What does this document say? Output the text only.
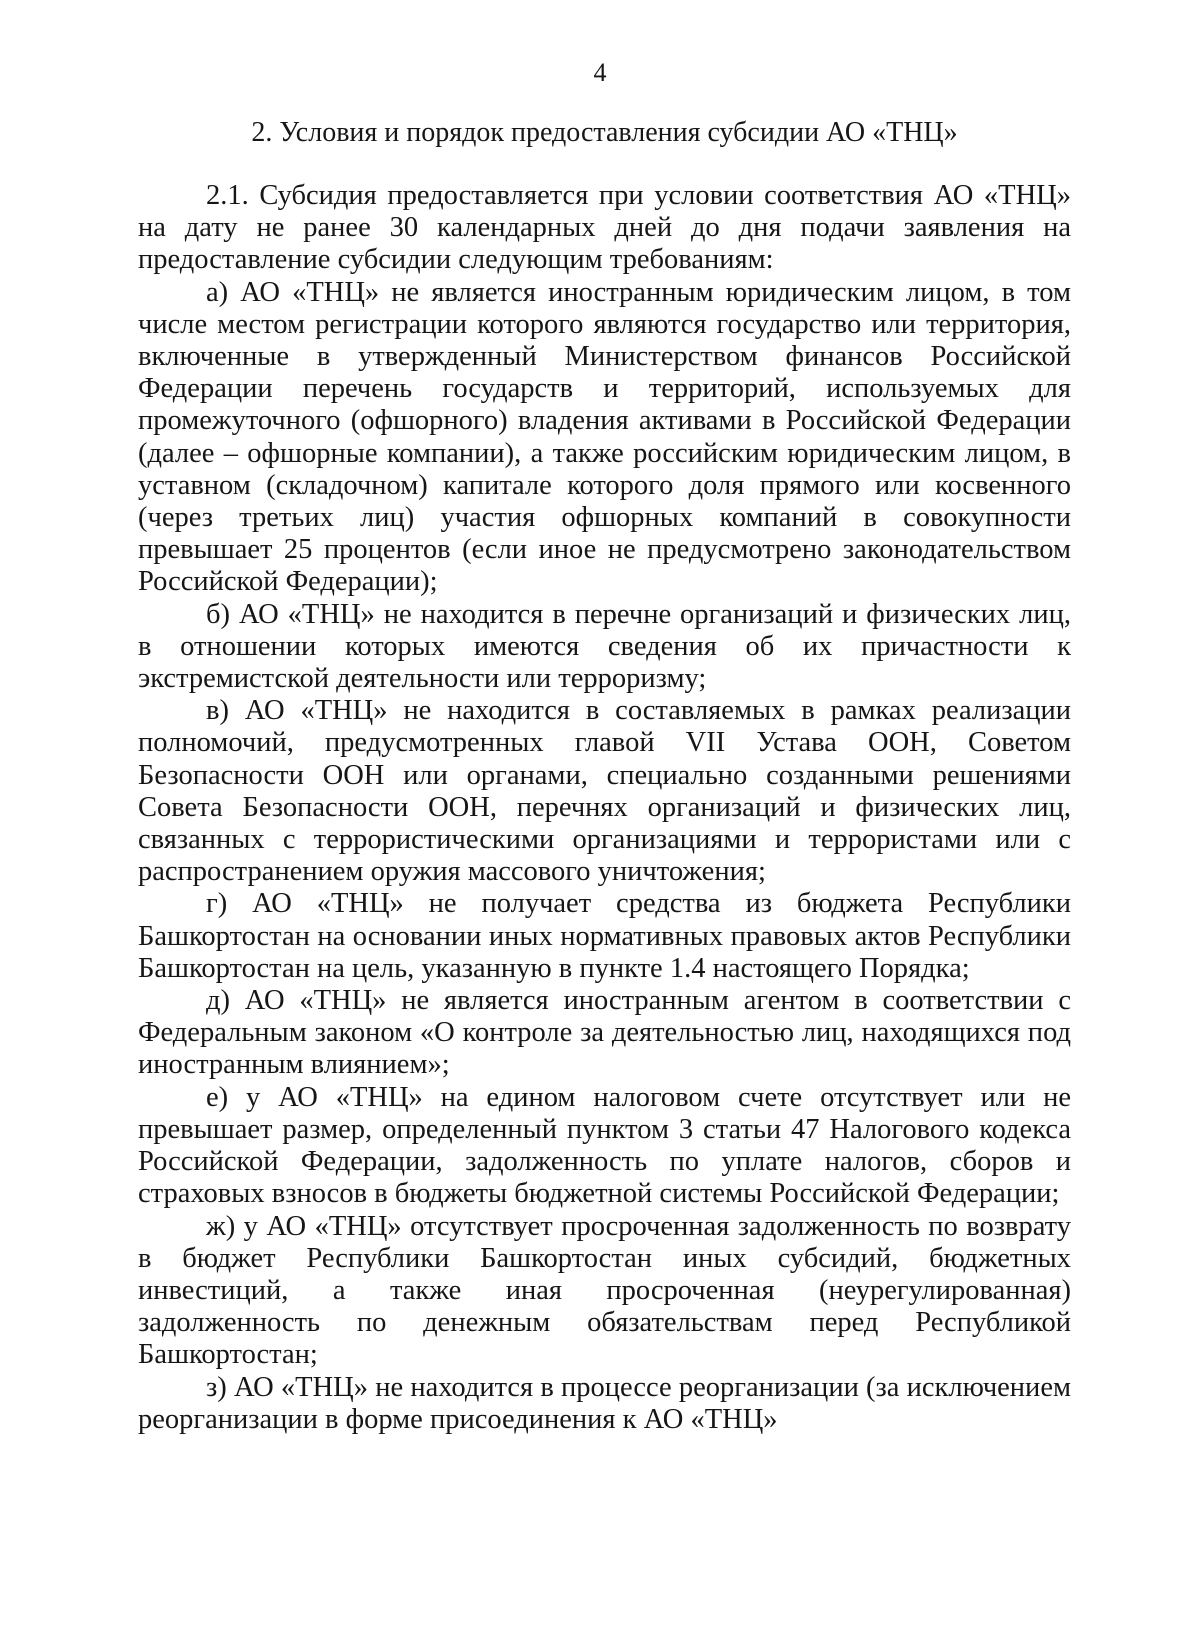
4
2. Условия и порядок предоставления субсидии АО «ТНЦ»

2.1. Субсидия предоставляется при условии соответствия АО «ТНЦ» на дату не ранее 30 календарных дней до дня подачи заявления на предоставление субсидии следующим требованиям:

а) АО «ТНЦ» не является иностранным юридическим лицом, в том числе местом регистрации которого являются государство или территория, включенные в утвержденный Министерством финансов Российской Федерации перечень государств и территорий, используемых для промежуточного (офшорного) владения активами в Российской Федерации (далее – офшорные компании), а также российским юридическим лицом, в уставном (складочном) капитале которого доля прямого или косвенного (через третьих лиц) участия офшорных компаний в совокупности превышает 25 процентов (если иное не предусмотрено законодательством Российской Федерации);

б) АО «ТНЦ» не находится в перечне организаций и физических лиц, в отношении которых имеются сведения об их причастности к экстремистской деятельности или терроризму;

в) АО «ТНЦ» не находится в составляемых в рамках реализации полномочий, предусмотренных главой VII Устава ООН, Советом Безопасности ООН или органами, специально созданными решениями Совета Безопасности ООН, перечнях организаций и физических лиц, связанных с террористическими организациями и террористами или с распространением оружия массового уничтожения;

г) АО «ТНЦ» не получает средства из бюджета Республики Башкортостан на основании иных нормативных правовых актов Республики Башкортостан на цель, указанную в пункте 1.4 настоящего Порядка;

д) АО «ТНЦ» не является иностранным агентом в соответствии с Федеральным законом «О контроле за деятельностью лиц, находящихся под иностранным влиянием»;

е) у АО «ТНЦ» на едином налоговом счете отсутствует или не превышает размер, определенный пунктом 3 статьи 47 Налогового кодекса Российской Федерации, задолженность по уплате налогов, сборов и страховых взносов в бюджеты бюджетной системы Российской Федерации;

ж) у АО «ТНЦ» отсутствует просроченная задолженность по возврату в бюджет Республики Башкортостан иных субсидий, бюджетных инвестиций, а также иная просроченная (неурегулированная) задолженность по денежным обязательствам перед Республикой Башкортостан;

з) АО «ТНЦ» не находится в процессе реорганизации (за исключением реорганизации в форме присоединения к АО «ТНЦ»
